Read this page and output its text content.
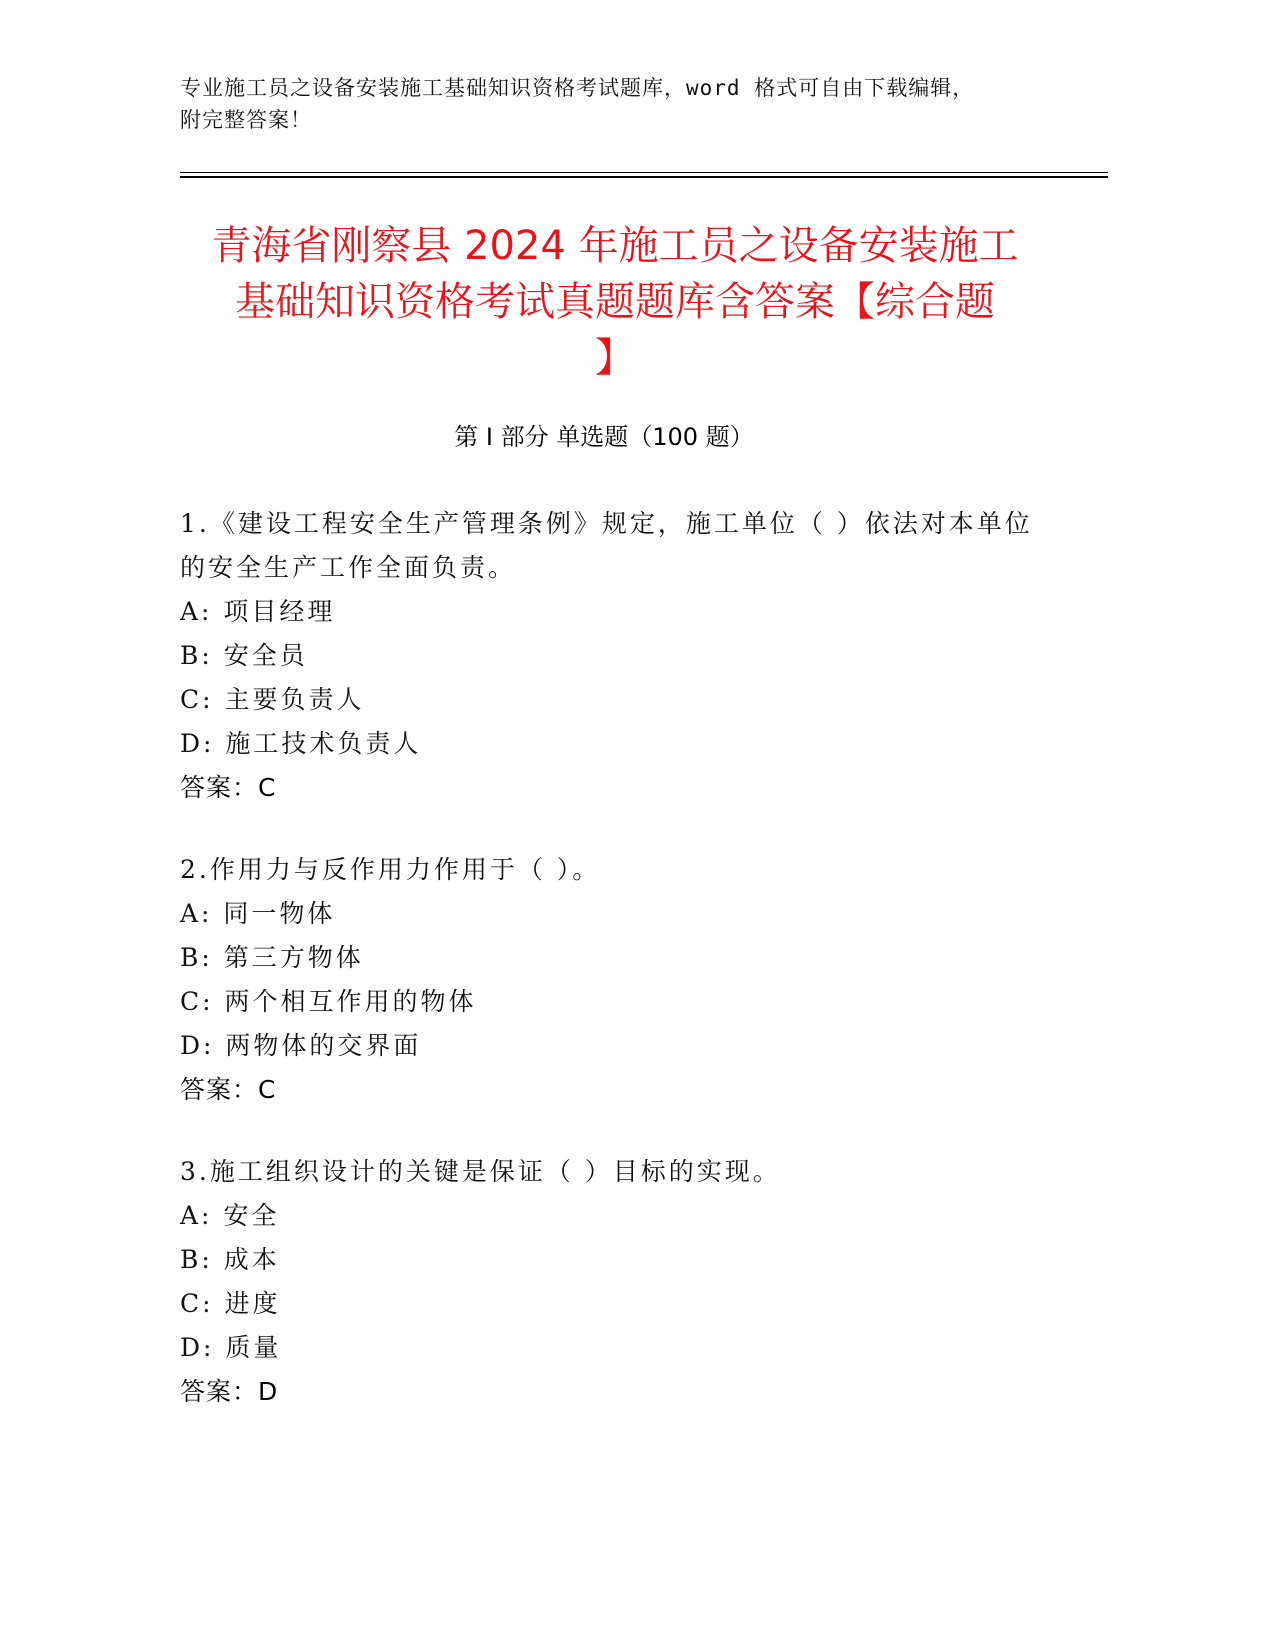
专业施工员之设备安装施工基础知识资格考试题库，word 格式可自由下载编辑，
附完整答案！
青海省刚察县 2024 年施工员之设备安装施工
基础知识资格考试真题题库含答案【综合题
】
第 I 部分 单选题（100 题）
1.《建设工程安全生产管理条例》规定，施工单位（ ）依法对本单位的安全生产工作全面负责。
A: 项目经理
B: 安全员
C: 主要负责人
D: 施工技术负责人
答案：C
2.作用力与反作用力作用于（ ）。
A: 同一物体
B: 第三方物体
C: 两个相互作用的物体
D: 两物体的交界面
答案：C
3.施工组织设计的关键是保证（ ）目标的实现。
A: 安全
B: 成本
C: 进度
D: 质量
答案：D
